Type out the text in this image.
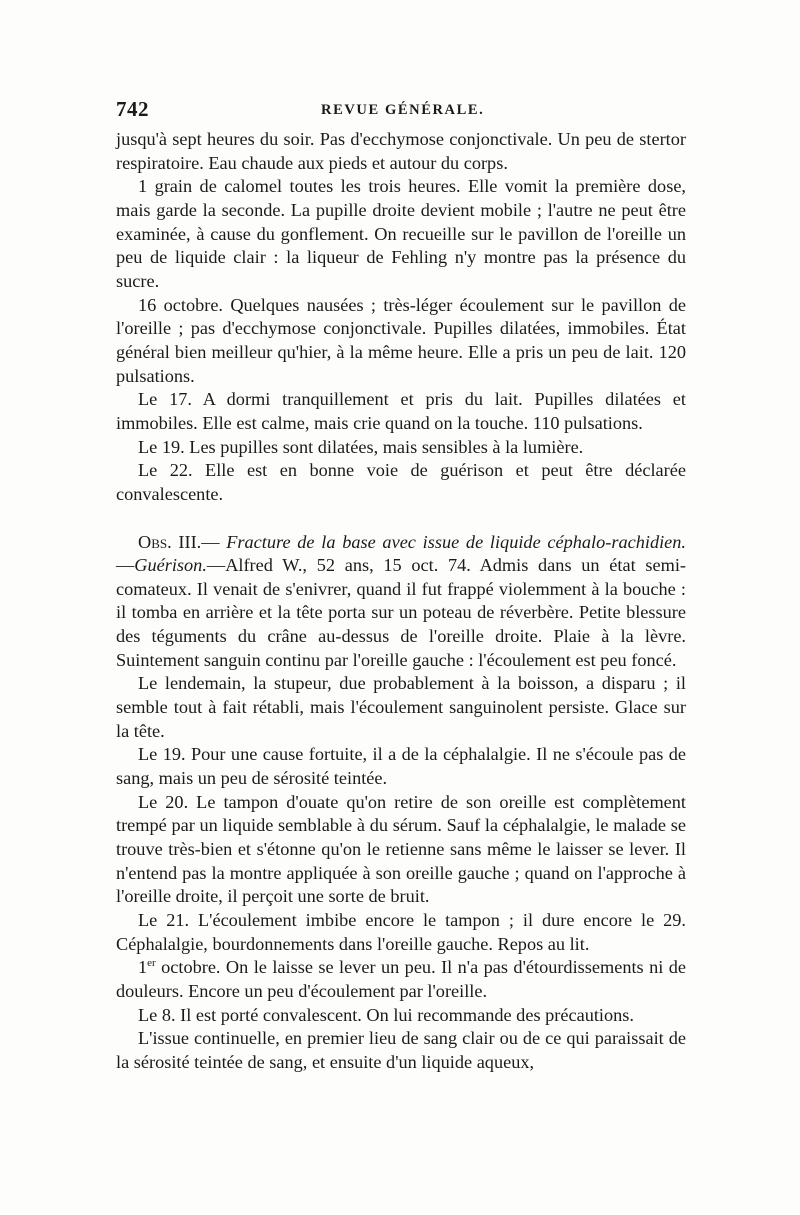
742	REVUE GÉNÉRALE.

jusqu'à sept heures du soir. Pas d'ecchymose conjonctivale. Un peu de stertor respiratoire. Eau chaude aux pieds et autour du corps.

1 grain de calomel toutes les trois heures. Elle vomit la première dose, mais garde la seconde. La pupille droite devient mobile ; l'autre ne peut être examinée, à cause du gonflement. On recueille sur le pavillon de l'oreille un peu de liquide clair : la liqueur de Fehling n'y montre pas la présence du sucre.

16 octobre. Quelques nausées ; très-léger écoulement sur le pavillon de l'oreille ; pas d'ecchymose conjonctivale. Pupilles dilatées, immobiles. État général bien meilleur qu'hier, à la même heure. Elle a pris un peu de lait. 120 pulsations.

Le 17. A dormi tranquillement et pris du lait. Pupilles dilatées et immobiles. Elle est calme, mais crie quand on la touche. 110 pulsations.

Le 19. Les pupilles sont dilatées, mais sensibles à la lumière.

Le 22. Elle est en bonne voie de guérison et peut être déclarée convalescente.

Obs. III.— Fracture de la base avec issue de liquide céphalo-rachidien. —Guérison.—Alfred W., 52 ans, 15 oct. 74. Admis dans un état semi-comateux. Il venait de s'enivrer, quand il fut frappé violemment à la bouche : il tomba en arrière et la tête porta sur un poteau de réverbère. Petite blessure des téguments du crâne au-dessus de l'oreille droite. Plaie à la lèvre. Suintement sanguin continu par l'oreille gauche : l'écoulement est peu foncé.

Le lendemain, la stupeur, due probablement à la boisson, a disparu ; il semble tout à fait rétabli, mais l'écoulement sanguinolent persiste. Glace sur la tête.

Le 19. Pour une cause fortuite, il a de la céphalalgie. Il ne s'écoule pas de sang, mais un peu de sérosité teintée.

Le 20. Le tampon d'ouate qu'on retire de son oreille est complètement trempé par un liquide semblable à du sérum. Sauf la céphalalgie, le malade se trouve très-bien et s'étonne qu'on le retienne sans même le laisser se lever. Il n'entend pas la montre appliquée à son oreille gauche ; quand on l'approche à l'oreille droite, il perçoit une sorte de bruit.

Le 21. L'écoulement imbibe encore le tampon ; il dure encore le 29. Céphalalgie, bourdonnements dans l'oreille gauche. Repos au lit.

1er octobre. On le laisse se lever un peu. Il n'a pas d'étourdissements ni de douleurs. Encore un peu d'écoulement par l'oreille.

Le 8. Il est porté convalescent. On lui recommande des précautions.

L'issue continuelle, en premier lieu de sang clair ou de ce qui paraissait de la sérosité teintée de sang, et ensuite d'un liquide aqueux,
